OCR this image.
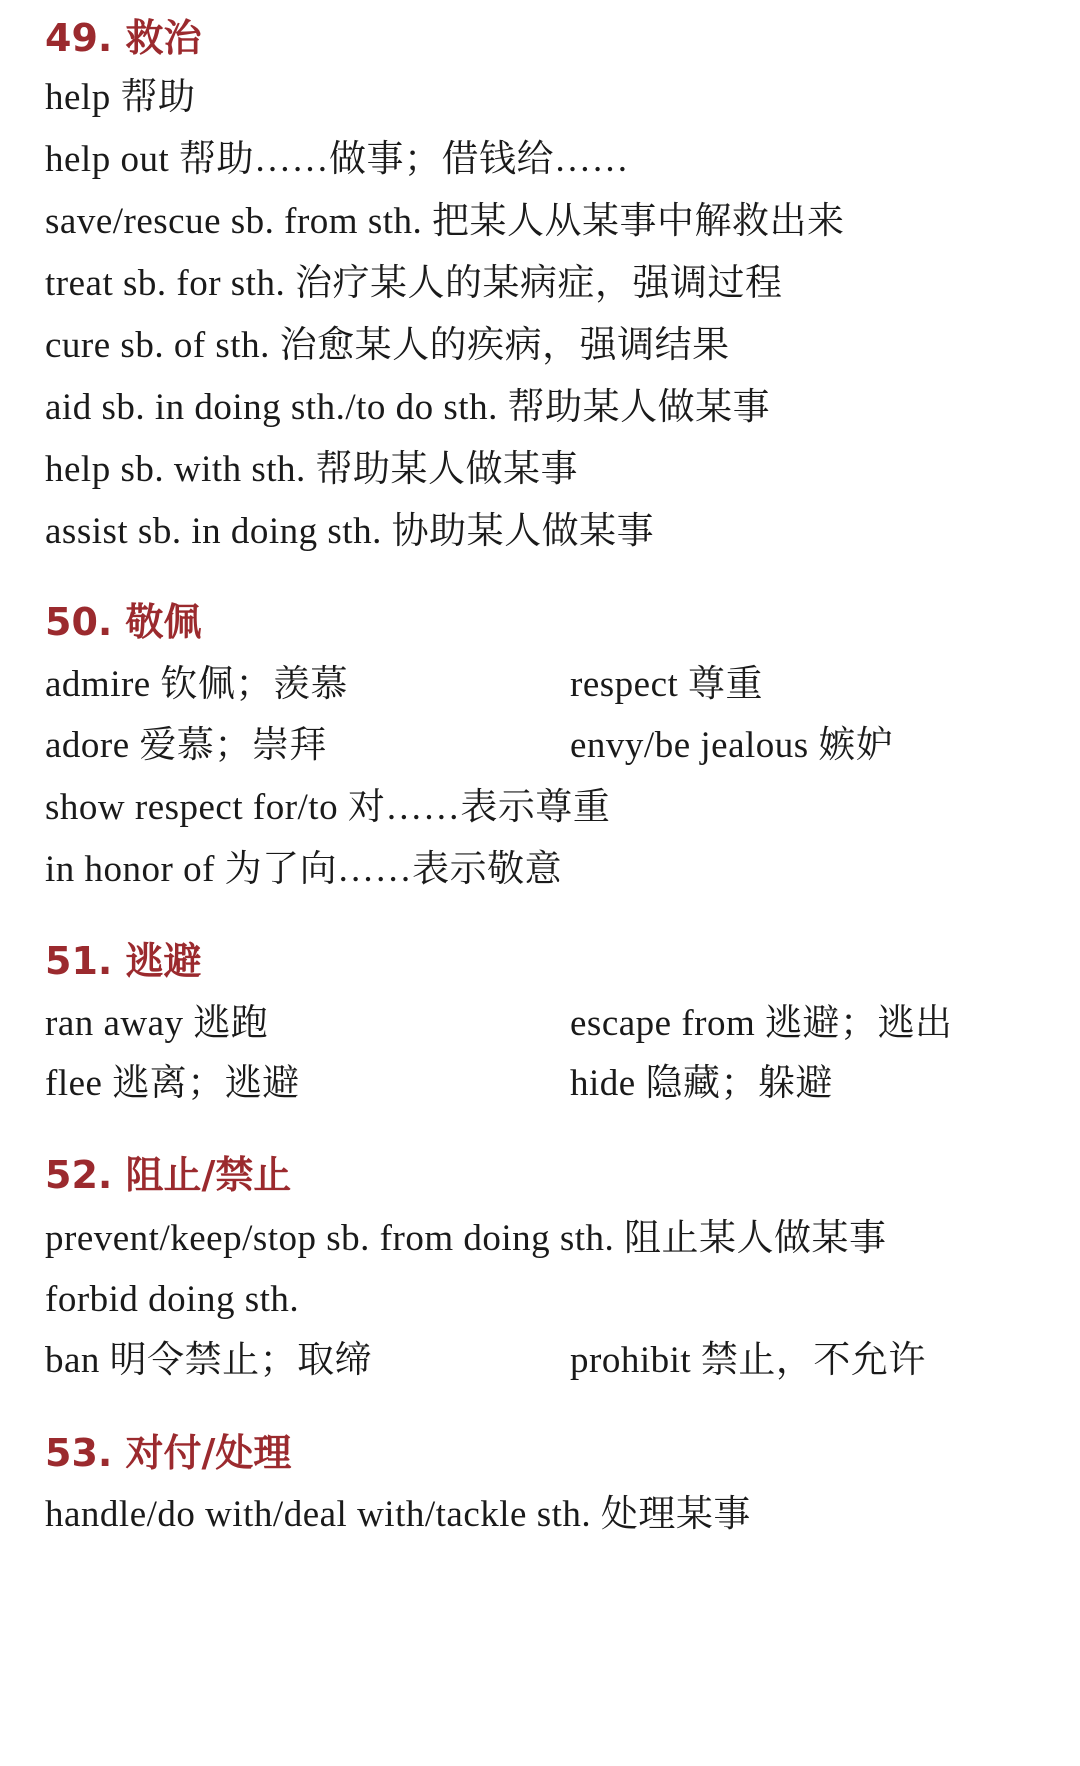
49. 救治
help 帮助
help out 帮助……做事；借钱给……
save/rescue sb. from sth. 把某人从某事中解救出来
treat sb. for sth. 治疗某人的某病症，强调过程
cure sb. of sth. 治愈某人的疾病，强调结果
aid sb. in doing sth./to do sth. 帮助某人做某事
help sb. with sth. 帮助某人做某事
assist sb. in doing sth. 协助某人做某事
50. 敬佩
admire 钦佩；羡慕	respect 尊重
adore 爱慕；崇拜	envy/be jealous 嫉妒
show respect for/to 对……表示尊重
in honor of 为了向……表示敬意
51. 逃避
ran away 逃跑	escape from 逃避；逃出
flee 逃离；逃避	hide 隐藏；躲避
52. 阻止/禁止
prevent/keep/stop sb. from doing sth. 阻止某人做某事
forbid doing sth.
ban 明令禁止；取缔	prohibit 禁止，不允许
53. 对付/处理
handle/do with/deal with/tackle sth. 处理某事
